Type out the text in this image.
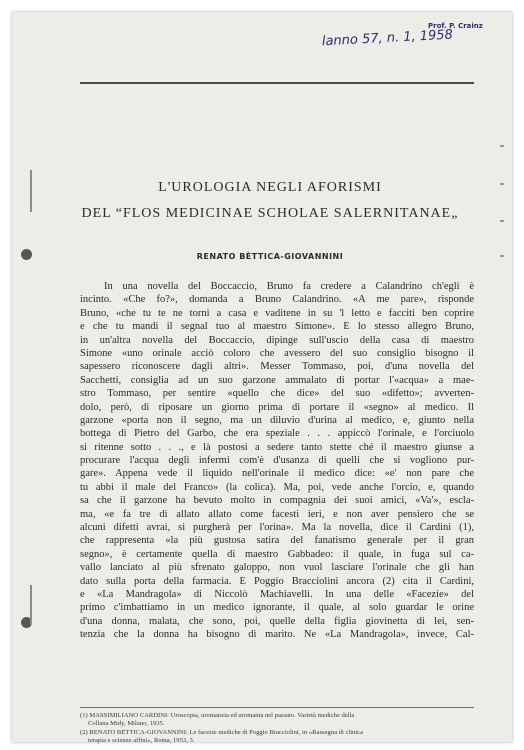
lanno 57, n. 1, 1958
Prof. P. Crainz
L'UROLOGIA NEGLI AFORISMI
DEL “FLOS MEDICINAE SCHOLAE SALERNITANAE„
RENATO BÈTTICA-GIOVANNINI
In una novella del Boccaccio, Bruno fa credere a Calandrino ch'egli è
incinto. «Che fo?», domanda a Bruno Calandrino. «A me pare», risponde
Bruno, «che tu te ne torni a casa e vaditene in su 'l letto e facciti ben coprire
e che tu mandi il segnal tuo al maestro Simone». E lo stesso allegro Bruno,
in un'altra novella del Boccaccio, dipinge sull'uscio della casa di maestro
Simone «uno orinale acciò coloro che avessero del suo consiglio bisogno il
sapessero riconoscere dagli altri». Messer Tommaso, poi, d'una novella del
Sacchetti, consiglia ad un suo garzone ammalato di portar l'«acqua» a mae-
stro Tommaso, per sentire «quello che dice» del suo «difetto»; avverten-
dolo, però, di riposare un giorno prima di portare il «segno» al medico. Il
garzone «porta non il segno, ma un diluvio d'urina al medico, e, giunto nella
bottega di Pietro del Garbo, che era speziale . . . appiccò l'orinale, e l'orciuolo
si ritenne sotto . . ., e là postosi a sedere tanto stette ché il maestro giunse a
procurare l'acqua degli infermi com'è d'usanza di quelli che si vogliono pur-
gare». Appena vede il liquido nell'orinale il medico dice: «e' non pare che
tu abbi il male del Franco» (la colica). Ma, poi, vede anche l'orcio, e, quando
sa che il garzone ha bevuto molto in compagnia dei suoi amici, «Va'», escla-
ma, «e fa tre di allato allato come facesti ieri, e non aver pensiero che se
alcuni difetti avrai, si purgherà per l'orina». Ma la novella, dice il Cardini (1),
che rappresenta «la più gustosa satira del fanatismo generale per il gran
segno», è certamente quella di maestro Gabbadeo: il quale, in fuga sul ca-
vallo lanciato al più sfrenato galoppo, non vuol lasciare l'orinale che gli han
dato sulla porta della farmacia. E Poggio Bracciolini ancora (2) cita il Cardini,
e «La Mandragola» di Niccolò Machiavelli. In una delle «Facezie» del
primo c'imbattiamo in un medico ignorante, il quale, al solo guardar le orine
d'una donna, malata, che sono, poi, quelle della figlia giovinetta di lei, sen-
tenzia che la donna ha bisogno di marito. Ne «La Mandragola», invece, Cal-
(1) MASSIMILIANO CARDINI: Uroscopia, uromanzia ed uromania nel passato. Varietà mediche della
Collana Midy, Milano, 1935.
(2) RENATO BÈTTICA-GIOVANNINI: Le facezie mediche di Poggio Bracciolini, in «Rassegna di clinica
terapia e scienze affini», Roma, 1953, 3.
